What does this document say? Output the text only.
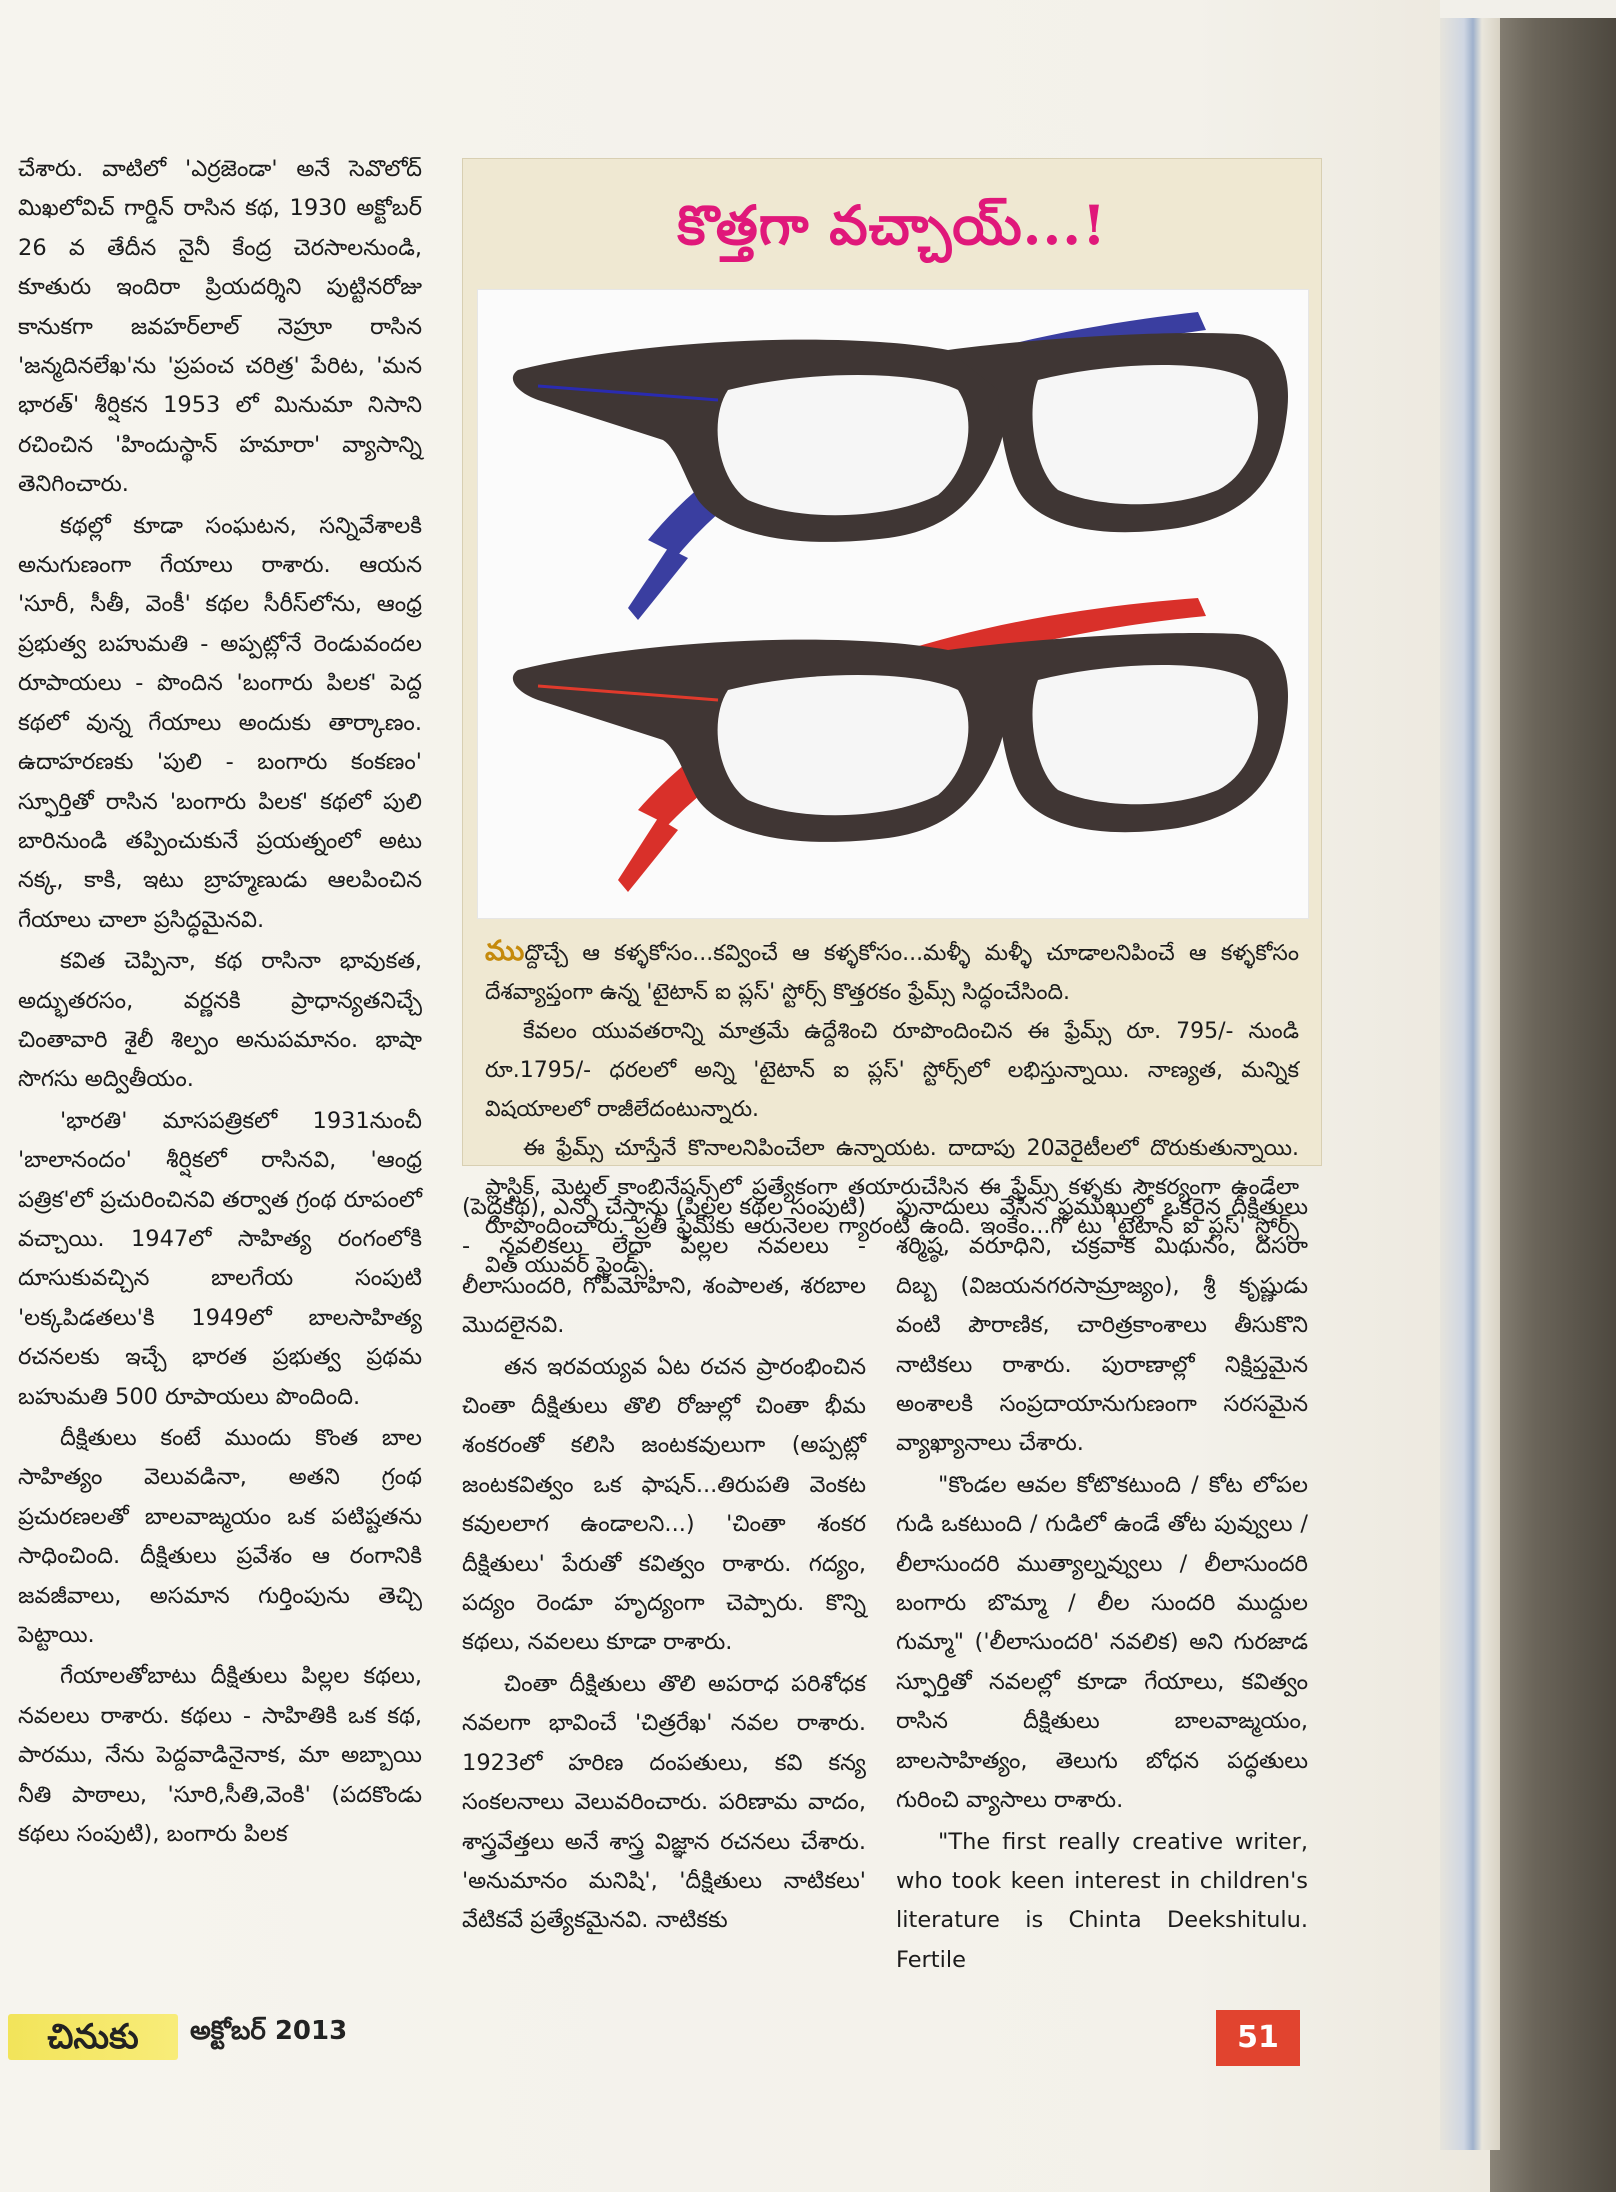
చేశారు. వాటిలో 'ఎర్రజెండా' అనే సెవొలోద్ మిఖలోవిచ్ గార్డిన్ రాసిన కథ, 1930 అక్టోబర్ 26 వ తేదీన నైనీ కేంద్ర చెరసాలనుండి, కూతురు ఇందిరా ప్రియదర్శిని పుట్టినరోజు కానుకగా జవహర్‌లాల్ నెహ్రూ రాసిన 'జన్మదినలేఖ'ను 'ప్రపంచ చరిత్ర' పేరిట, 'మన భారత్' శీర్షికన 1953 లో మినుమా నిసాని రచించిన 'హిందుస్థాన్ హమారా' వ్యాసాన్ని తెనిగించారు.

కథల్లో కూడా సంఘటన, సన్నివేశాలకి అనుగుణంగా గేయాలు రాశారు. ఆయన 'సూరీ, సీతీ, వెంకీ' కథల సీరీస్‌లోను, ఆంధ్ర ప్రభుత్వ బహుమతి - అప్పట్లోనే రెండువందల రూపాయలు - పొందిన 'బంగారు పిలక' పెద్ద కథలో వున్న గేయాలు అందుకు తార్కాణం. ఉదాహరణకు 'పులి - బంగారు కంకణం' స్ఫూర్తితో రాసిన 'బంగారు పిలక' కథలో పులి బారినుండి తప్పించుకునే ప్రయత్నంలో అటు నక్క, కాకి, ఇటు బ్రాహ్మణుడు ఆలపించిన గేయాలు చాలా ప్రసిద్ధమైనవి.

కవిత చెప్పినా, కథ రాసినా భావుకత, అద్భుతరసం, వర్ణనకి ప్రాధాన్యతనిచ్చే చింతావారి శైలీ శిల్పం అనుపమానం. భాషా సొగసు అద్వితీయం.

'భారతి' మాసపత్రికలో 1931నుంచీ 'బాలానందం' శీర్షికలో రాసినవి, 'ఆంధ్ర పత్రిక'లో ప్రచురించినవి తర్వాత గ్రంథ రూపంలో వచ్చాయి. 1947లో సాహిత్య రంగంలోకి దూసుకువచ్చిన బాలగేయ సంపుటి 'లక్కపిడతలు'కి 1949లో బాలసాహిత్య రచనలకు ఇచ్చే భారత ప్రభుత్వ ప్రథమ బహుమతి 500 రూపాయలు పొందింది.

దీక్షితులు కంటే ముందు కొంత బాల సాహిత్యం వెలువడినా, అతని గ్రంథ ప్రచురణలతో బాలవాఙ్మయం ఒక పటిష్టతను సాధించింది. దీక్షితులు ప్రవేశం ఆ రంగానికి జవజీవాలు, అసమాన గుర్తింపును తెచ్చి పెట్టాయి.

గేయాలతోబాటు దీక్షితులు పిల్లల కథలు, నవలలు రాశారు. కథలు - సాహితికి ఒక కథ, పారము, నేను పెద్దవాడినైనాక, మా అబ్బాయి నీతి పాఠాలు, 'సూరి,సీతి,వెంకి' (పదకొండు కథలు సంపుటి), బంగారు పిలక

కొత్తగా వచ్చాయ్...!

ముద్దొచ్చే ఆ కళ్ళకోసం...కవ్వించే ఆ కళ్ళకోసం...మళ్ళీ మళ్ళీ చూడాలనిపించే ఆ కళ్ళకోసం దేశవ్యాప్తంగా ఉన్న 'టైటాన్ ఐ ప్లస్' స్టోర్స్ కొత్తరకం ఫ్రేమ్స్ సిద్ధంచేసింది.

కేవలం యువతరాన్ని మాత్రమే ఉద్దేశించి రూపొందించిన ఈ ఫ్రేమ్స్ రూ. 795/- నుండి రూ.1795/- ధరలలో అన్ని 'టైటాన్ ఐ ప్లస్' స్టోర్స్‌లో లభిస్తున్నాయి. నాణ్యత, మన్నిక విషయాలలో రాజీలేదంటున్నారు.

ఈ ఫ్రేమ్స్ చూస్తేనే కొనాలనిపించేలా ఉన్నాయట. దాదాపు 20వెరైటీలలో దొరుకుతున్నాయి. ప్లాస్టిక్, మెటల్ కాంబినేషన్స్‌లో ప్రత్యేకంగా తయారుచేసిన ఈ ఫ్రేమ్స్ కళ్ళకు సౌకర్యంగా ఉండేలా రూపొందించారు. ప్రతీ ఫ్రేమ్‌కు ఆరునెలల గ్యారంటీ ఉంది. ఇంకేం...గో టు 'టైటాన్ ఐ ప్లస్' స్టోర్స్ విత్ యువర్ ఫ్రెండ్స్.

(పెద్దకథ), ఎన్నో చేస్తాను (పిల్లల కథల సంపుటి) - నవలికలు లేదా పిల్లల నవలలు - లీలాసుందరి, గోపీమోహిని, శంపాలత, శరబాల మొదలైనవి.

తన ఇరవయ్యవ ఏట రచన ప్రారంభించిన చింతా దీక్షితులు తొలి రోజుల్లో చింతా భీమ శంకరంతో కలిసి జంటకవులుగా (అప్పట్లో జంటకవిత్వం ఒక ఫాషన్...తిరుపతి వెంకట కవులలాగ ఉండాలని...) 'చింతా శంకర దీక్షితులు' పేరుతో కవిత్వం రాశారు. గద్యం, పద్యం రెండూ హృద్యంగా చెప్పారు. కొన్ని కథలు, నవలలు కూడా రాశారు.

చింతా దీక్షితులు తొలి అపరాధ పరిశోధక నవలగా భావించే 'చిత్రరేఖ' నవల రాశారు. 1923లో హరిణ దంపతులు, కవి కన్య సంకలనాలు వెలువరించారు. పరిణామ వాదం, శాస్త్రవేత్తలు అనే శాస్త్ర విజ్ఞాన రచనలు చేశారు. 'అనుమానం మనిషి', 'దీక్షితులు నాటికలు' వేటికవే ప్రత్యేకమైనవి. నాటికకు

పునాదులు వేసిన ప్రముఖుల్లో ఒకరైన దీక్షితులు శర్మిష్ఠ, వరూధిని, చక్రవాక మిథునం, దసరా దిబ్బ (విజయనగరసామ్రాజ్యం), శ్రీ కృష్ణుడు వంటి పౌరాణిక, చారిత్రకాంశాలు తీసుకొని నాటికలు రాశారు. పురాణాల్లో నిక్షిప్తమైన అంశాలకి సంప్రదాయానుగుణంగా సరసమైన వ్యాఖ్యానాలు చేశారు.

"కొండల ఆవల కోటొకటుంది / కోట లోపల గుడి ఒకటుంది / గుడిలో ఉండే తోట పువ్వులు / లీలాసుందరి ముత్యాల్నవ్వులు / లీలాసుందరి బంగారు బొమ్మా / లీల సుందరి ముద్దుల గుమ్మా" ('లీలాసుందరి' నవలిక) అని గురజాడ స్ఫూర్తితో నవలల్లో కూడా గేయాలు, కవిత్వం రాసిన దీక్షితులు బాలవాఙ్మయం, బాలసాహిత్యం, తెలుగు బోధన పద్ధతులు గురించి వ్యాసాలు రాశారు.

"The first really creative writer, who took keen interest in children's literature is Chinta Deekshitulu. Fertile

చినుకు	అక్టోబర్ 2013	51
